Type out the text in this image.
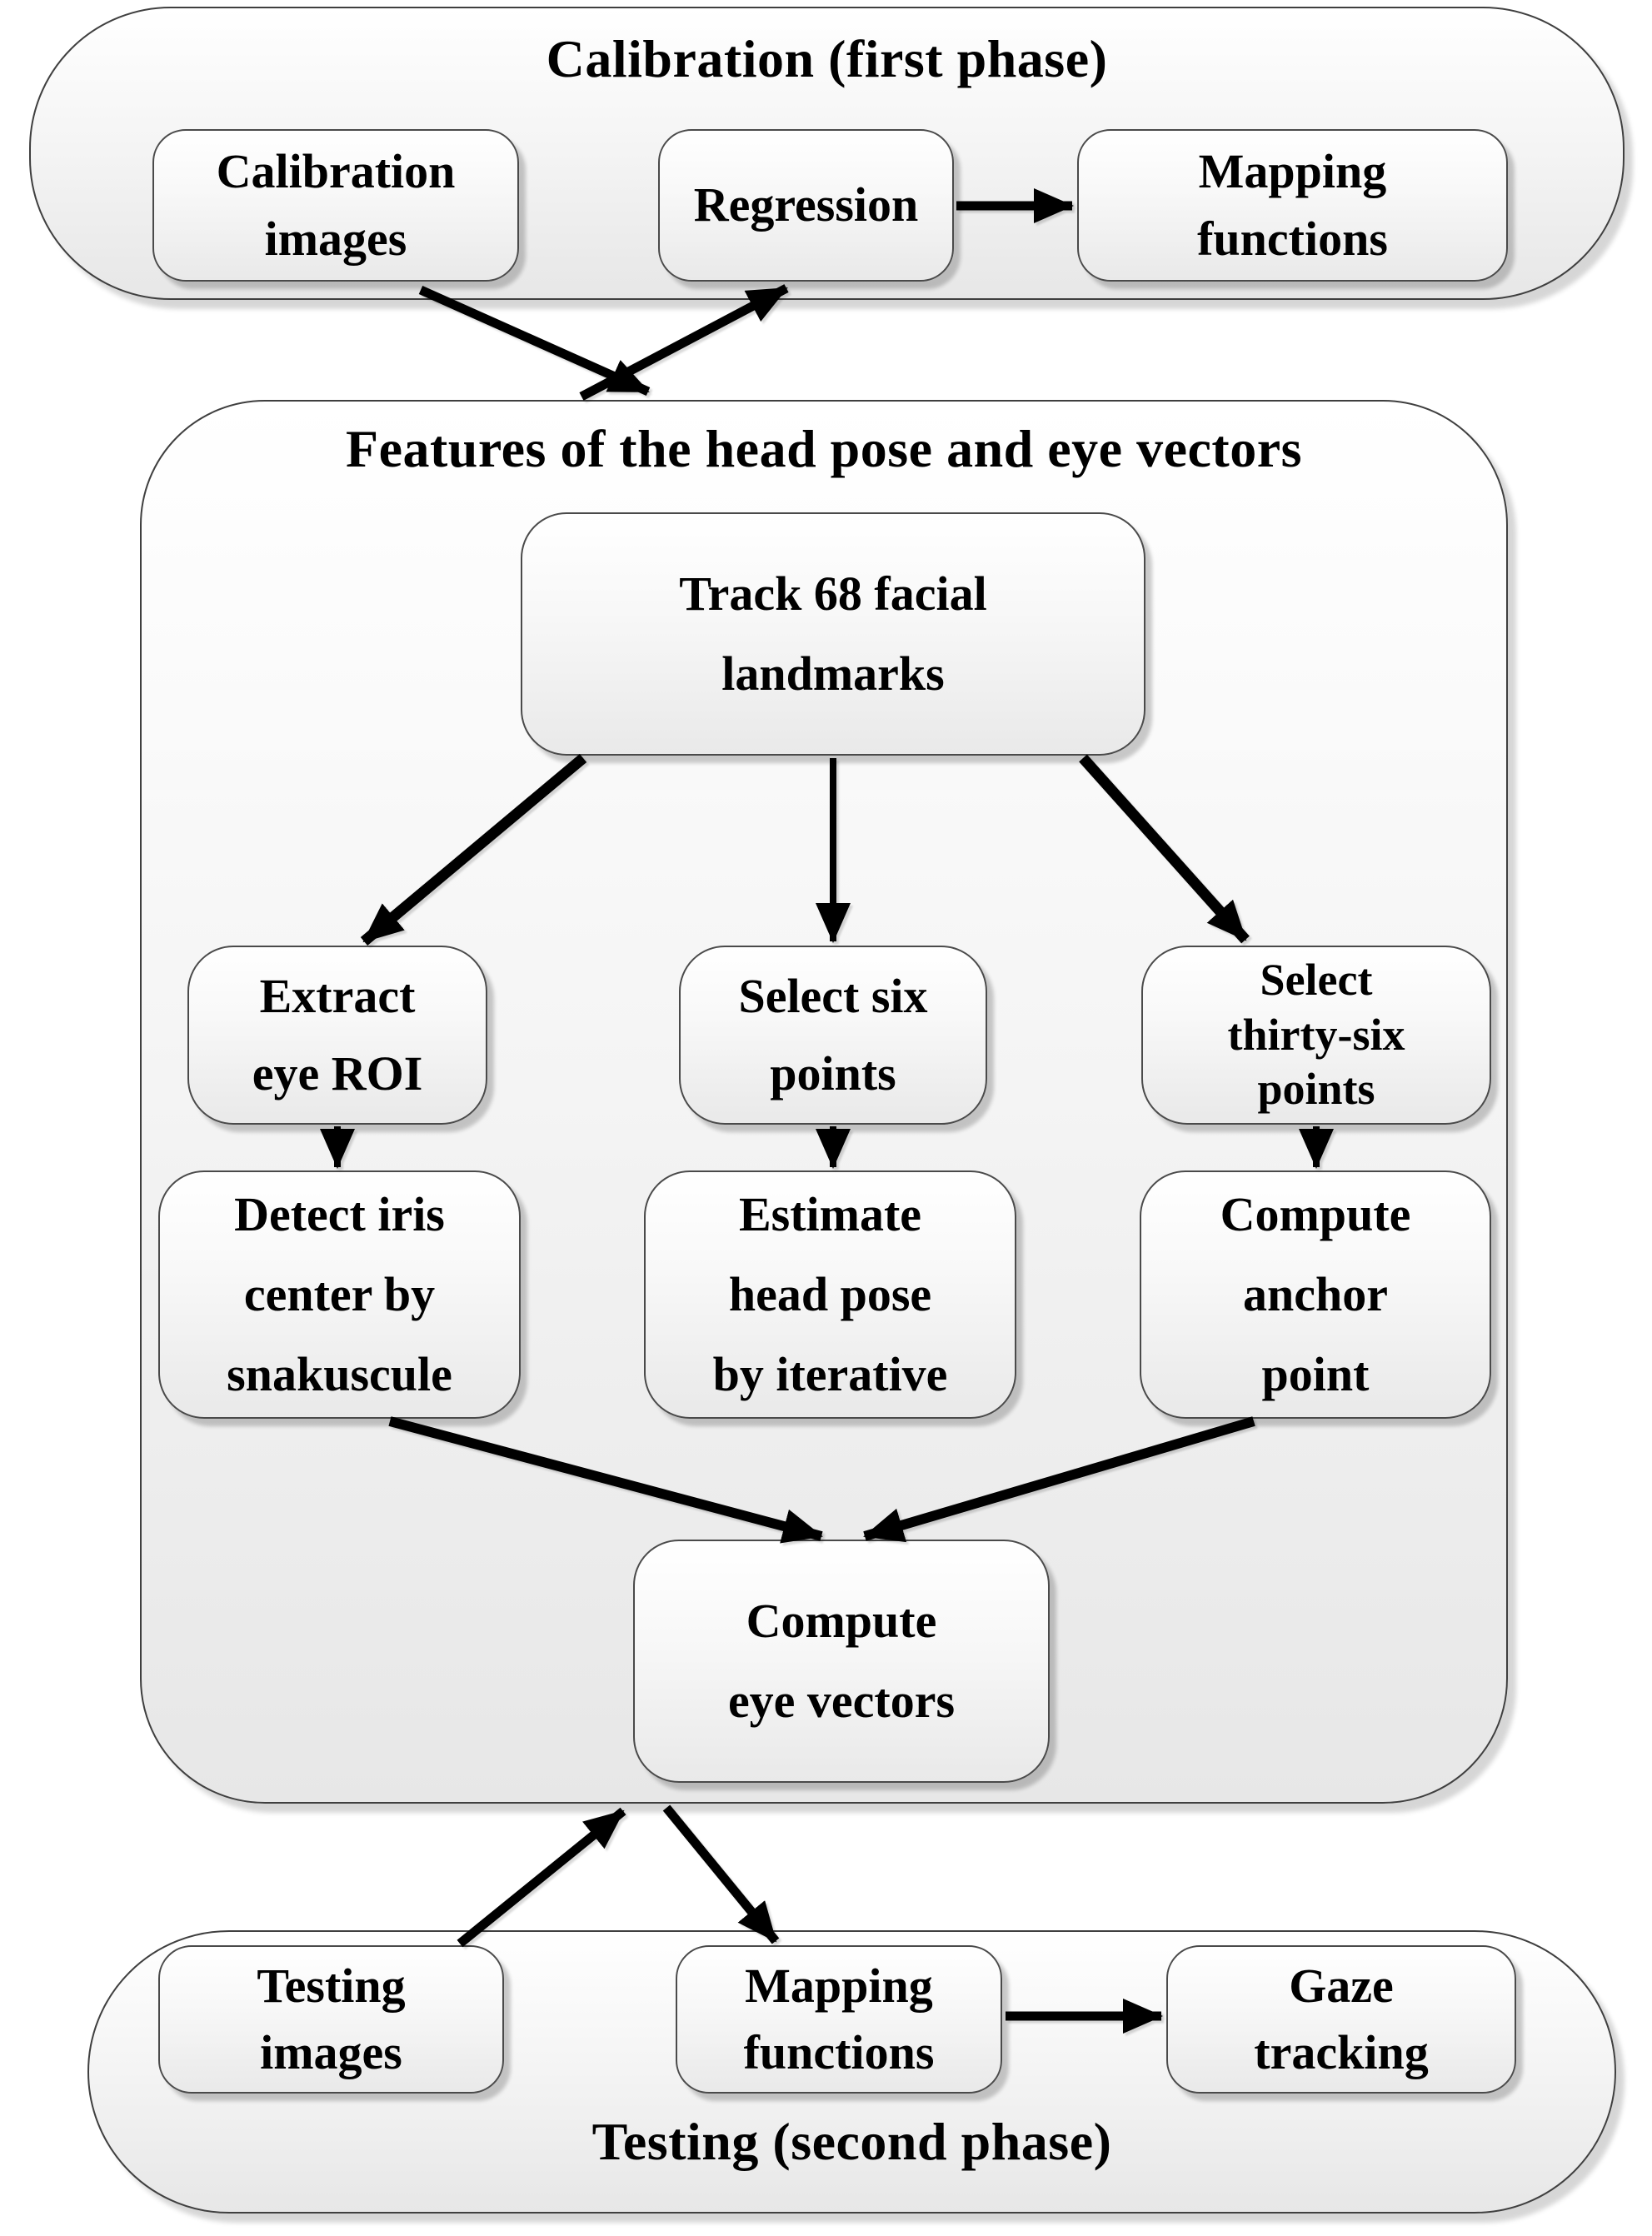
Calibration (first phase)
Calibration
images
Regression
Mapping
functions
Features of the head pose and eye vectors
Track 68 facial
landmarks
Extract
eye ROI
Select six
points
Select
thirty-six
points
Detect iris
center by
snakuscule
Estimate
head pose
by iterative
Compute
anchor
point
Compute
eye vectors
Testing (second phase)
Testing
images
Mapping
functions
Gaze
tracking
